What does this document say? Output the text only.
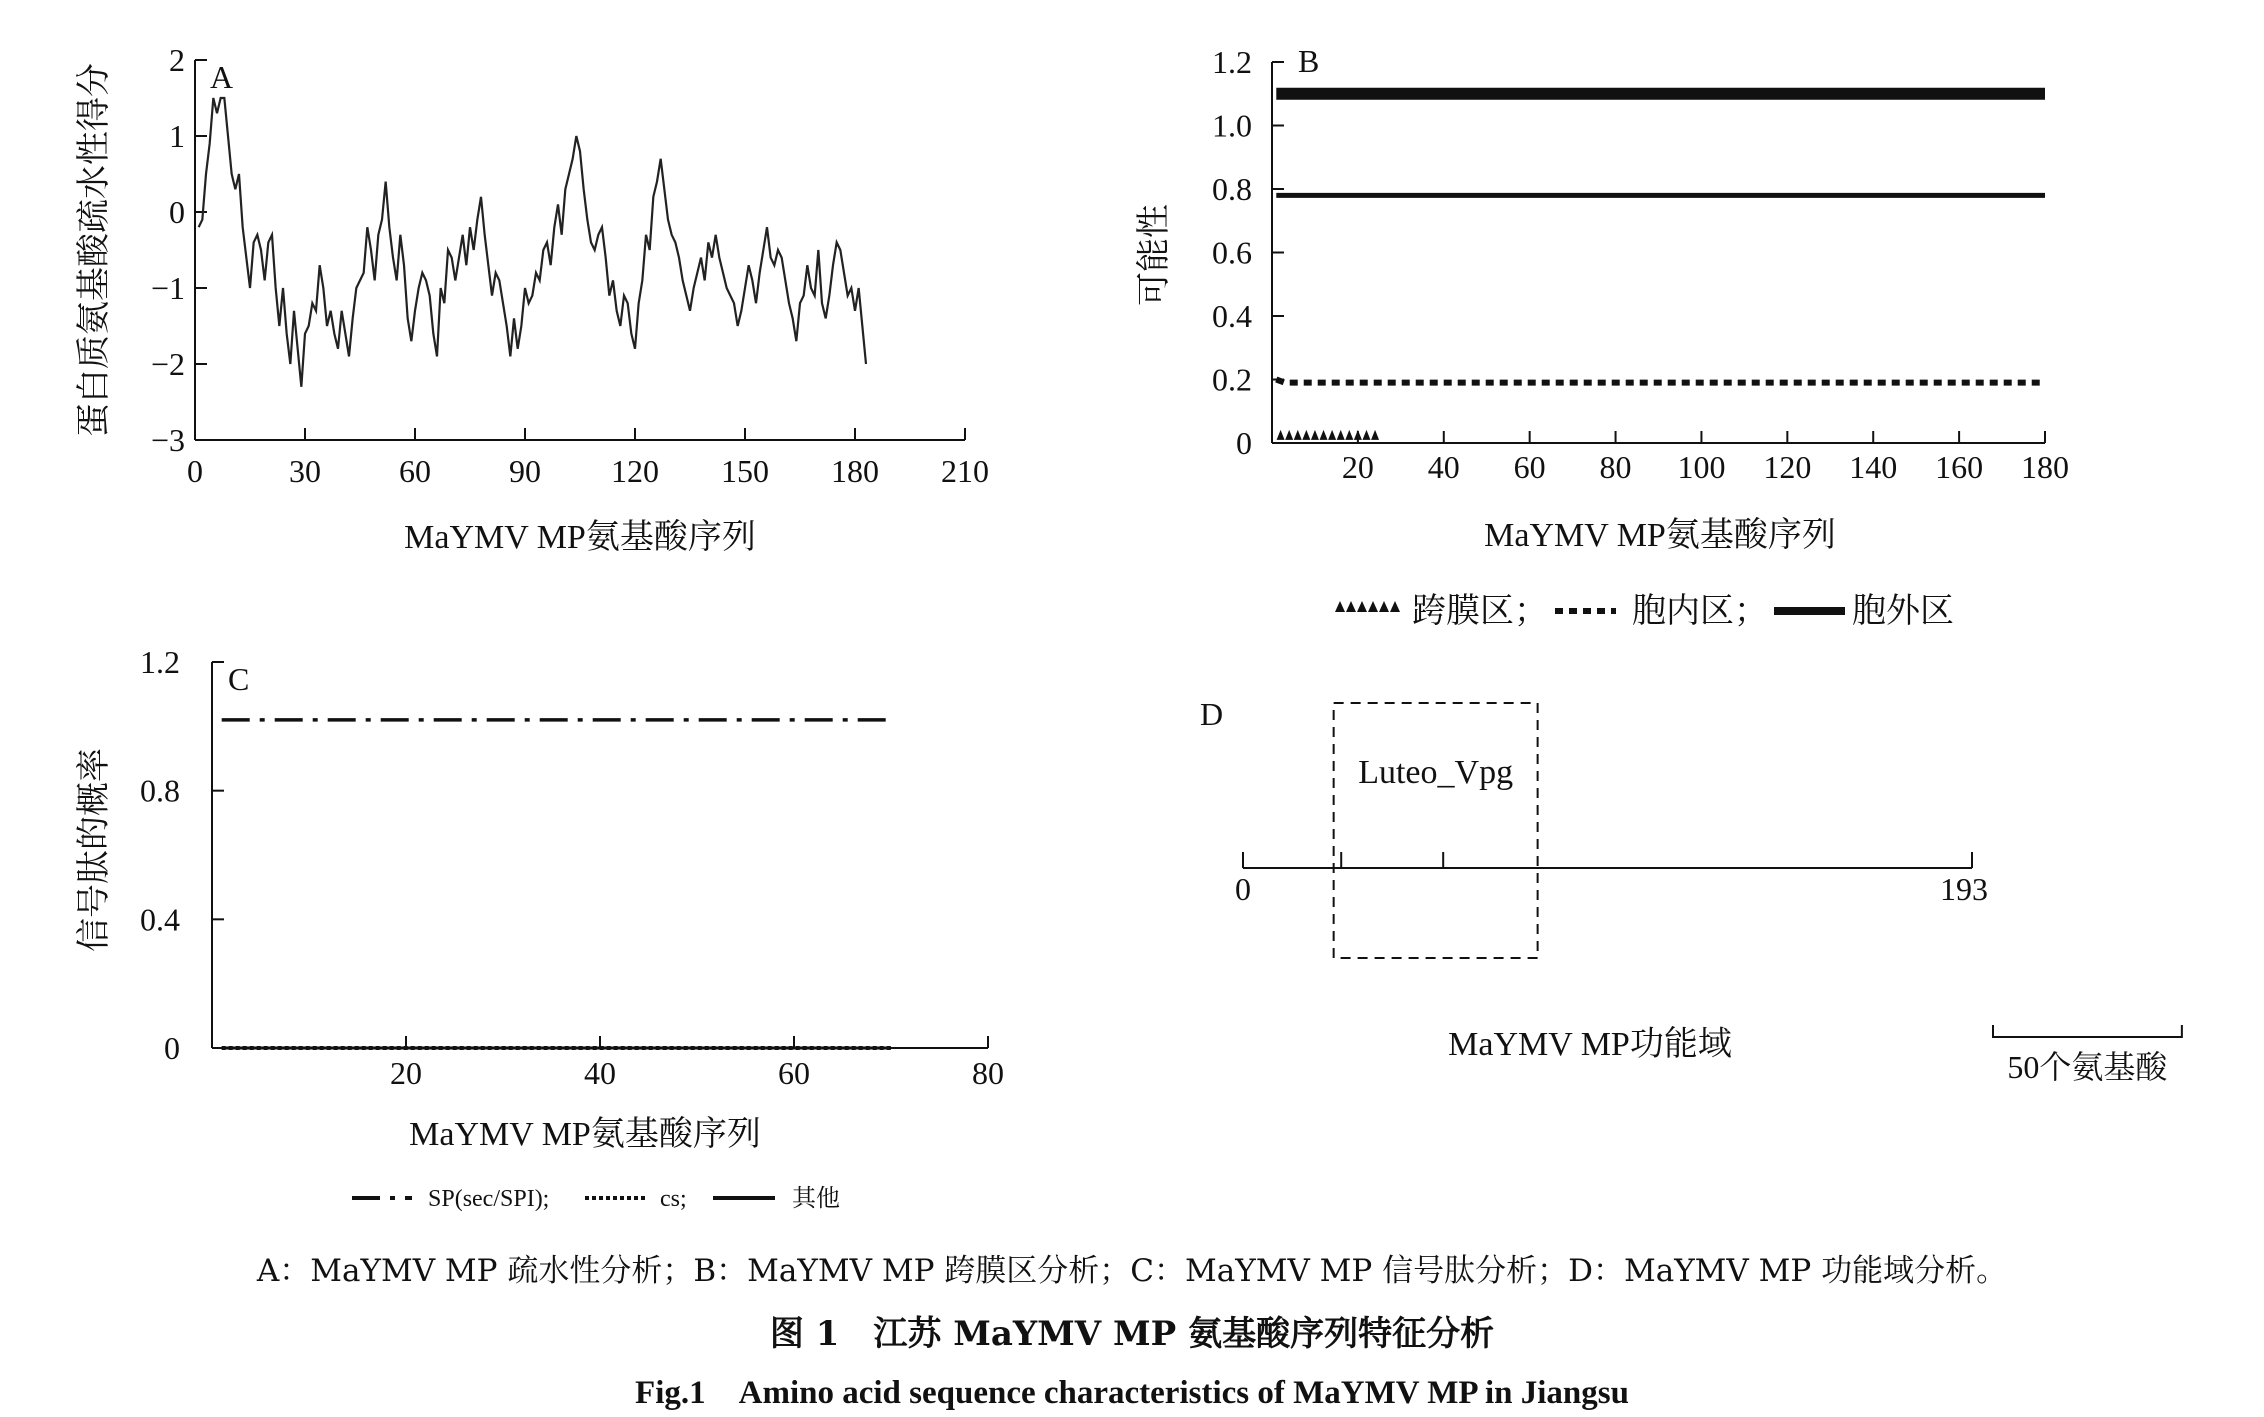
A
0	30 60 90 120 150 180 210
−3
−2
−1
0
1
2
MaYMV MP氨基酸序列
蛋白质氨基酸疏水性得分
B
20 40 60 80 100 120 140 160 180
0
0.2
0.4
0.6
0.8
1.0
1.2
MaYMV MP氨基酸序列
可能性
跨膜区； 胞内区； 胞外区
C
20	40	60	80
0
0.4
0.8
1.2
MaYMV MP氨基酸序列
信号肽的概率
SP(sec/SPI);	cs;	其他
D
Luteo_Vpg
0	193
MaYMV MP功能域
50个氨基酸
A：MaYMV MP 疏水性分析；B：MaYMV MP 跨膜区分析；C：MaYMV MP 信号肽分析；D：MaYMV MP 功能域分析。
图 1　江苏 MaYMV MP 氨基酸序列特征分析
Fig.1　Amino acid sequence characteristics of MaYMV MP in Jiangsu
